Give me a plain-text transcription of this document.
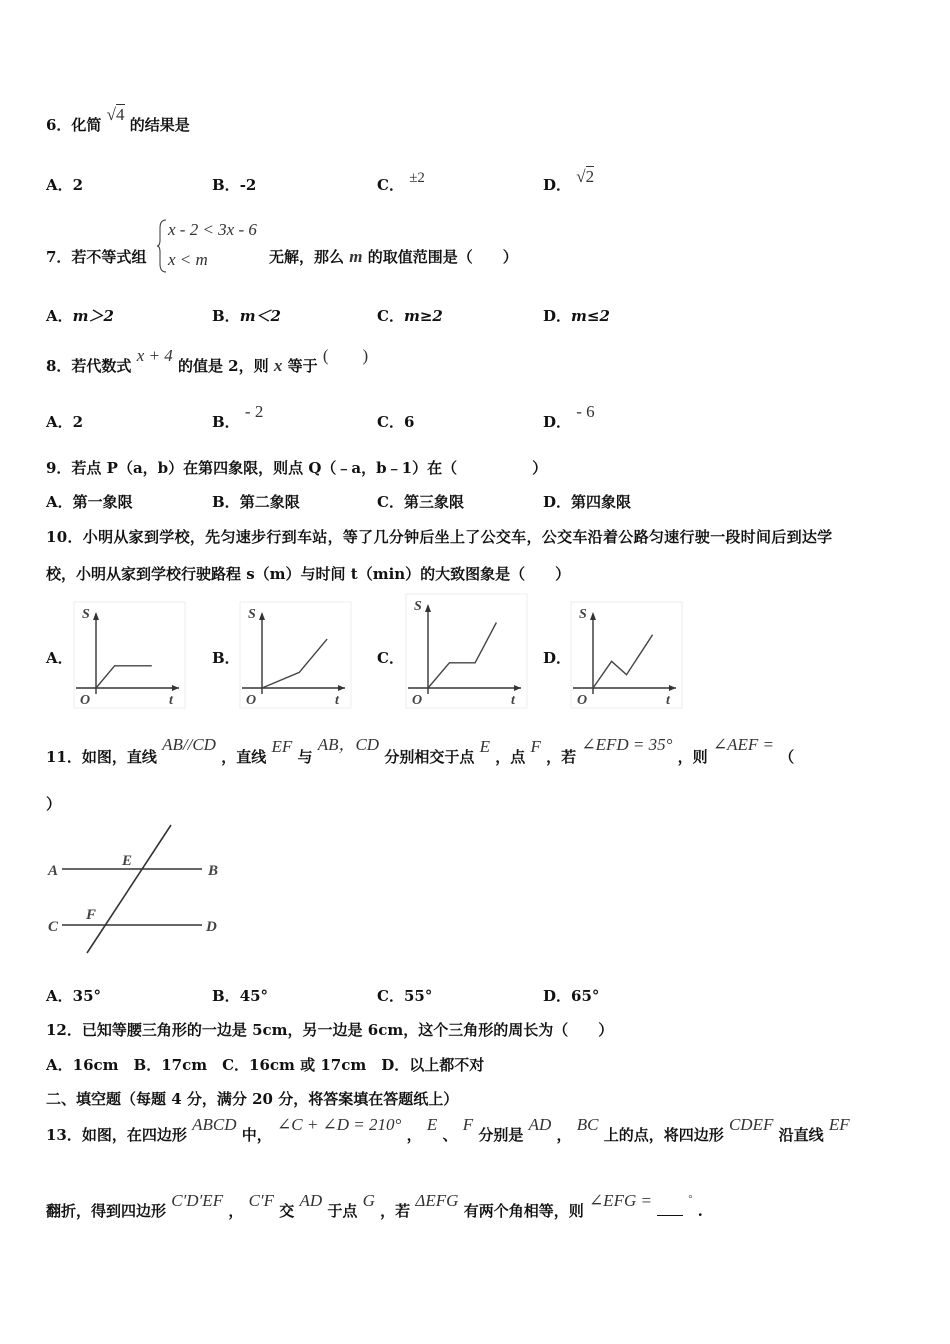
6．化简 √4 的结果是
A．2	B．-2	C． ±2	D． √2
7．若不等式组
x - 2 < 3x - 6
x < m	无解，那么 m 的取值范围是（　　）
A．m＞2	B．m＜2	C．m≥2	D．m≤2
8．若代数式 x + 4 的值是 2，则 x 等于 (　　)
A．2	B． - 2
C．6	D． - 6
9．若点 P（a，b）在第四象限，则点 Q（﹣a，b﹣1）在（　　　　　）
A．第一象限	B．第二象限	C．第三象限	D．第四象限
10．小明从家到学校，先匀速步行到车站，等了几分钟后坐上了公交车，公交车沿着公路匀速行驶一段时间后到达学
校，小明从家到学校行驶路程 s（m）与时间 t（min）的大致图象是（　　）
A．	B．	C．	D．
S
t
O
S
t
O
S
t
O
S
t
O
11．如图，直线 AB//CD ，直线 EF 与 AB，CD 分别相交于点 E ，点 F ，若 ∠EFD = 35° ，则 ∠AEF = （
）
A	B
C	D
E
F
A．35°	B．45°	C．55°	D．65°
12．已知等腰三角形的一边是 5cm，另一边是 6cm，这个三角形的周长为（　　）
A．16cm　B．17cm　C．16cm 或 17cm　D．以上都不对
二、填空题（每题 4 分，满分 20 分，将答案填在答题纸上）
13．如图，在四边形 ABCD 中， ∠C + ∠D = 210° ， E 、 F 分别是 AD ， BC 上的点，将四边形 CDEF 沿直线 EF
翻折，得到四边形 C′D′EF ， C′F 交 AD 于点 G ，若 ΔEFG 有两个角相等，则 ∠EFG =	° .
